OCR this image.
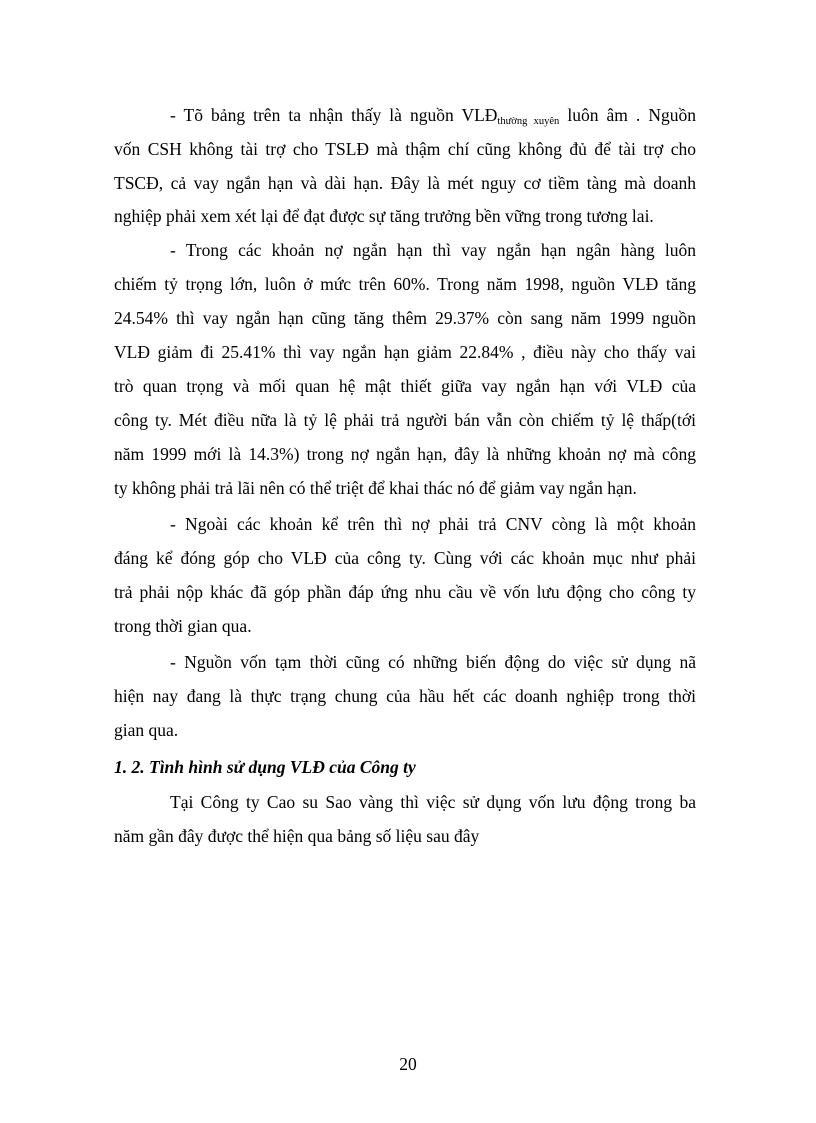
- Tõ bảng trên ta nhận thấy là nguồn VLĐthường xuyên luôn âm . Nguồn
vốn CSH không tài trợ cho TSLĐ mà thậm chí cũng không đủ để tài trợ cho
TSCĐ, cả vay ngắn hạn và dài hạn. Đây là mét nguy cơ tiềm tàng mà doanh
nghiệp phải xem xét lại để đạt được sự tăng trưởng bền vững trong tương lai.
- Trong các khoản nợ ngắn hạn thì vay ngắn hạn ngân hàng luôn
chiếm tỷ trọng lớn, luôn ở mức trên 60%. Trong năm 1998, nguồn VLĐ tăng
24.54% thì vay ngắn hạn cũng tăng thêm 29.37% còn sang năm 1999 nguồn
VLĐ giảm đi 25.41% thì vay ngắn hạn giảm 22.84% , điều này cho thấy vai
trò quan trọng và mối quan hệ mật thiết giữa vay ngắn hạn với VLĐ của
công ty. Mét điều nữa là tỷ lệ phải trả người bán vẫn còn chiếm tỷ lệ thấp(tới
năm 1999 mới là 14.3%) trong nợ ngắn hạn, đây là những khoản nợ mà công
ty không phải trả lãi nên có thể triệt để khai thác nó để giảm vay ngắn hạn.
- Ngoài các khoản kể trên thì nợ phải trả CNV còng là một khoản
đáng kể đóng góp cho VLĐ của công ty. Cùng với các khoản mục như phải
trả phải nộp khác đã góp phần đáp ứng nhu cầu về vốn lưu động cho công ty
trong thời gian qua.
- Nguồn vốn tạm thời cũng có những biến động do việc sử dụng nã
hiện nay đang là thực trạng chung của hầu hết các doanh nghiệp trong thời
gian qua.
1. 2. Tình hình sử dụng VLĐ của Công ty
Tại Công ty Cao su Sao vàng thì việc sử dụng vốn lưu động trong ba
năm gần đây được thể hiện qua bảng số liệu sau đây
20
